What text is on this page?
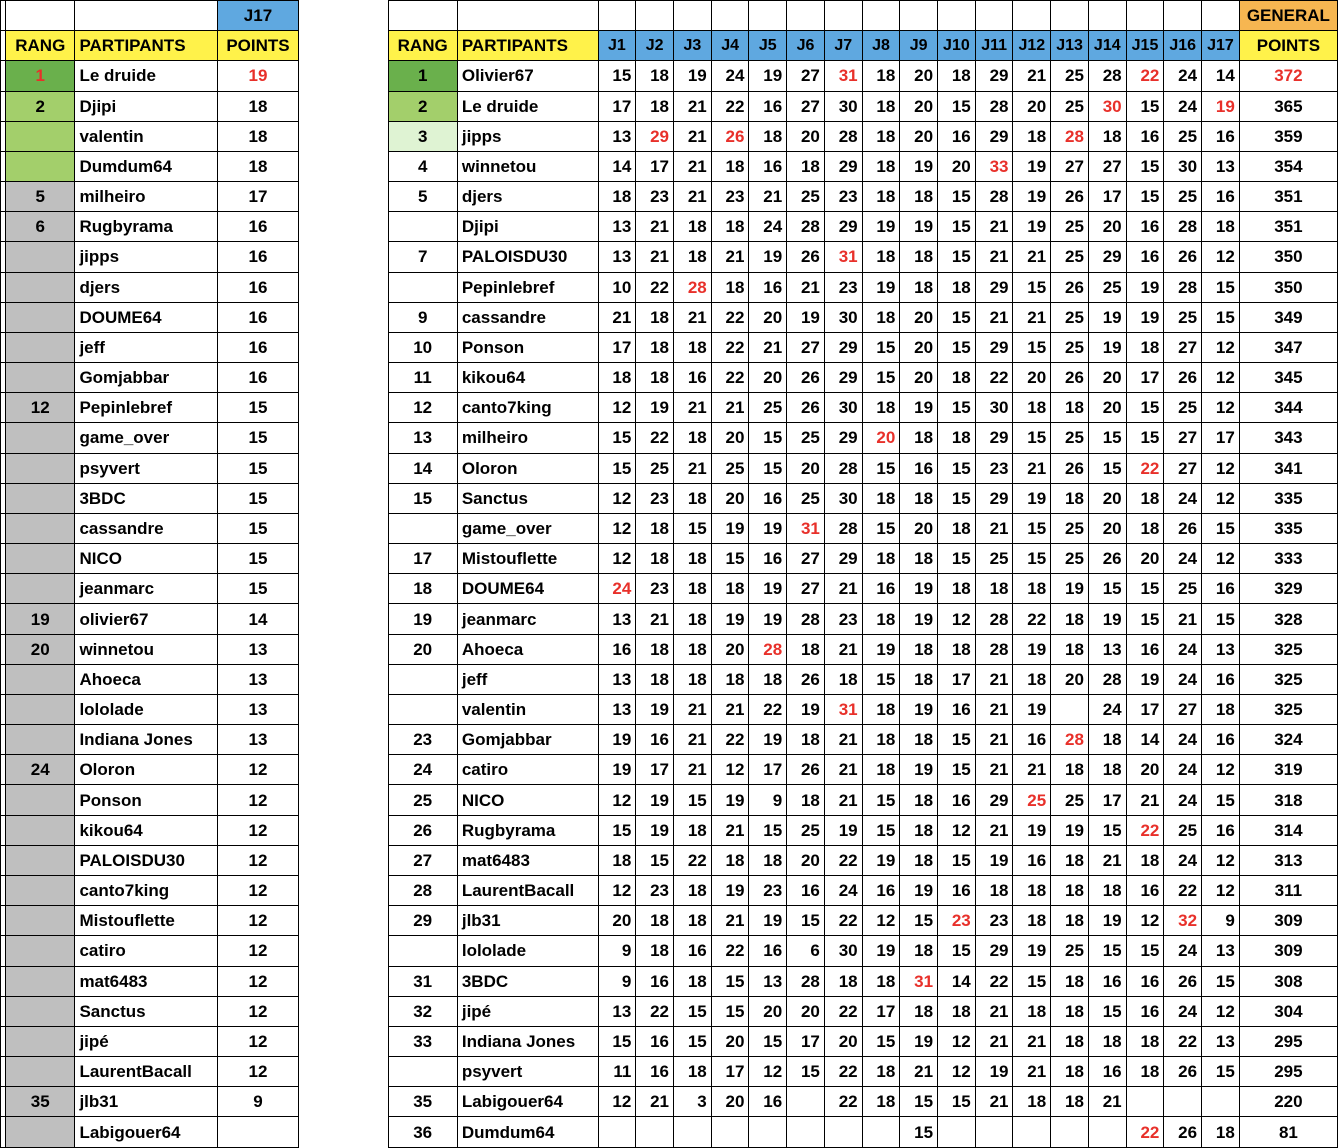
			J17																					GENERAL
	RANG	PARTIPANTS	POINTS		RANG	PARTIPANTS	J1	J2	J3	J4	J5	J6	J7	J8	J9	J10	J11	J12	J13	J14	J15	J16	J17	POINTS
	1	Le druide	19		1	Olivier67	15	18	19	24	19	27	31	18	20	18	29	21	25	28	22	24	14	372
	2	Djipi	18		2	Le druide	17	18	21	22	16	27	30	18	20	15	28	20	25	30	15	24	19	365
		valentin	18		3	jipps	13	29	21	26	18	20	28	18	20	16	29	18	28	18	16	25	16	359
		Dumdum64	18		4	winnetou	14	17	21	18	16	18	29	18	19	20	33	19	27	27	15	30	13	354
	5	milheiro	17		5	djers	18	23	21	23	21	25	23	18	18	15	28	19	26	17	15	25	16	351
	6	Rugbyrama	16			Djipi	13	21	18	18	24	28	29	19	19	15	21	19	25	20	16	28	18	351
		jipps	16		7	PALOISDU30	13	21	18	21	19	26	31	18	18	15	21	21	25	29	16	26	12	350
		djers	16			Pepinlebref	10	22	28	18	16	21	23	19	18	18	29	15	26	25	19	28	15	350
		DOUME64	16		9	cassandre	21	18	21	22	20	19	30	18	20	15	21	21	25	19	19	25	15	349
		jeff	16		10	Ponson	17	18	18	22	21	27	29	15	20	15	29	15	25	19	18	27	12	347
		Gomjabbar	16		11	kikou64	18	18	16	22	20	26	29	15	20	18	22	20	26	20	17	26	12	345
	12	Pepinlebref	15		12	canto7king	12	19	21	21	25	26	30	18	19	15	30	18	18	20	15	25	12	344
		game_over	15		13	milheiro	15	22	18	20	15	25	29	20	18	18	29	15	25	15	15	27	17	343
		psyvert	15		14	Oloron	15	25	21	25	15	20	28	15	16	15	23	21	26	15	22	27	12	341
		3BDC	15		15	Sanctus	12	23	18	20	16	25	30	18	18	15	29	19	18	20	18	24	12	335
		cassandre	15			game_over	12	18	15	19	19	31	28	15	20	18	21	15	25	20	18	26	15	335
		NICO	15		17	Mistouflette	12	18	18	15	16	27	29	18	18	15	25	15	25	26	20	24	12	333
		jeanmarc	15		18	DOUME64	24	23	18	18	19	27	21	16	19	18	18	18	19	15	15	25	16	329
	19	olivier67	14		19	jeanmarc	13	21	18	19	19	28	23	18	19	12	28	22	18	19	15	21	15	328
	20	winnetou	13		20	Ahoeca	16	18	18	20	28	18	21	19	18	18	28	19	18	13	16	24	13	325
		Ahoeca	13			jeff	13	18	18	18	18	26	18	15	18	17	21	18	20	28	19	24	16	325
		lololade	13			valentin	13	19	21	21	22	19	31	18	19	16	21	19		24	17	27	18	325
		Indiana Jones	13		23	Gomjabbar	19	16	21	22	19	18	21	18	18	15	21	16	28	18	14	24	16	324
	24	Oloron	12		24	catiro	19	17	21	12	17	26	21	18	19	15	21	21	18	18	20	24	12	319
		Ponson	12		25	NICO	12	19	15	19	9	18	21	15	18	16	29	25	25	17	21	24	15	318
		kikou64	12		26	Rugbyrama	15	19	18	21	15	25	19	15	18	12	21	19	19	15	22	25	16	314
		PALOISDU30	12		27	mat6483	18	15	22	18	18	20	22	19	18	15	19	16	18	21	18	24	12	313
		canto7king	12		28	LaurentBacall	12	23	18	19	23	16	24	16	19	16	18	18	18	18	16	22	12	311
		Mistouflette	12		29	jlb31	20	18	18	21	19	15	22	12	15	23	23	18	18	19	12	32	9	309
		catiro	12			lololade	9	18	16	22	16	6	30	19	18	15	29	19	25	15	15	24	13	309
		mat6483	12		31	3BDC	9	16	18	15	13	28	18	18	31	14	22	15	18	16	16	26	15	308
		Sanctus	12		32	jipé	13	22	15	15	20	20	22	17	18	18	21	18	18	15	16	24	12	304
		jipé	12		33	Indiana Jones	15	16	15	20	15	17	20	15	19	12	21	21	18	18	18	22	13	295
		LaurentBacall	12			psyvert	11	16	18	17	12	15	22	18	21	12	19	21	18	16	18	26	15	295
	35	jlb31	9		35	Labigouer64	12	21	3	20	16		22	18	15	15	21	18	18	21				220
		Labigouer64			36	Dumdum64									15						22	26	18	81
